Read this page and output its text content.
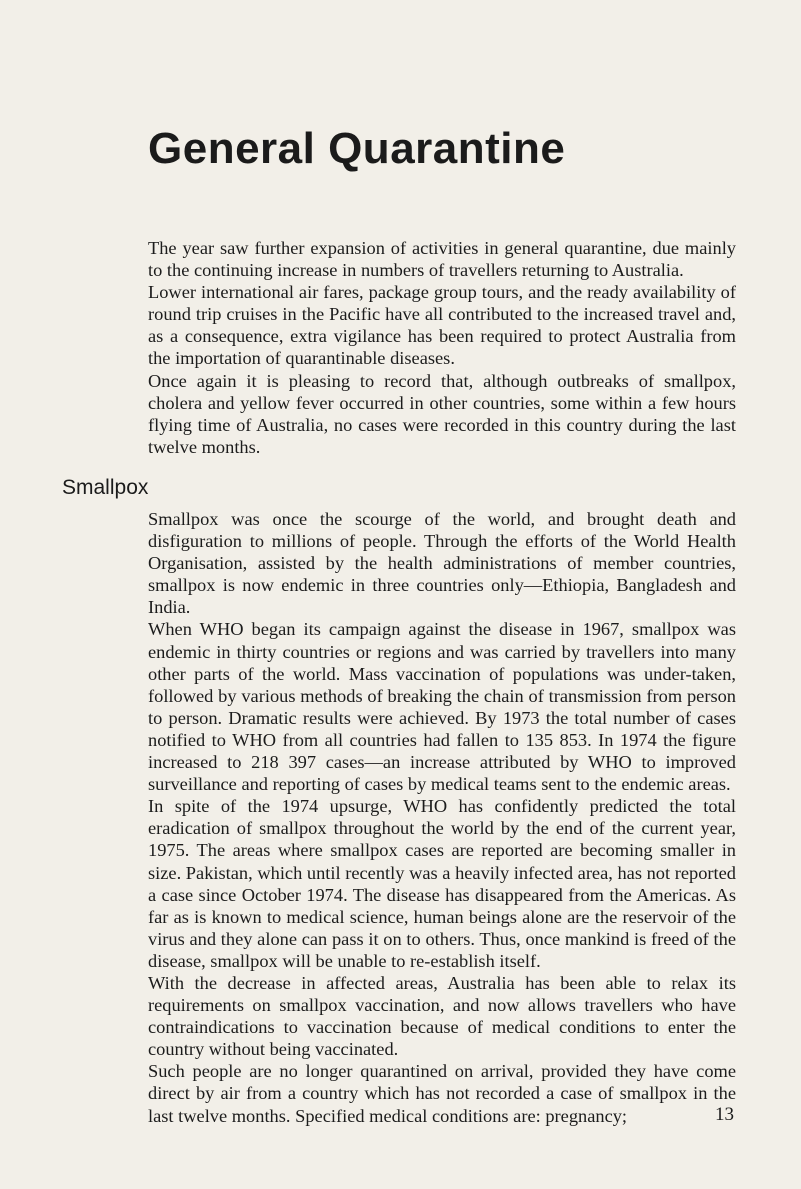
General Quarantine

The year saw further expansion of activities in general quarantine, due mainly to the continuing increase in numbers of travellers returning to Australia.

Lower international air fares, package group tours, and the ready availability of round trip cruises in the Pacific have all contributed to the increased travel and, as a consequence, extra vigilance has been required to protect Australia from the importation of quarantinable diseases.

Once again it is pleasing to record that, although outbreaks of smallpox, cholera and yellow fever occurred in other countries, some within a few hours flying time of Australia, no cases were recorded in this country during the last twelve months.

Smallpox

Smallpox was once the scourge of the world, and brought death and disfiguration to millions of people. Through the efforts of the World Health Organisation, assisted by the health administrations of member countries, smallpox is now endemic in three countries only—Ethiopia, Bangladesh and India.

When WHO began its campaign against the disease in 1967, smallpox was endemic in thirty countries or regions and was carried by travellers into many other parts of the world. Mass vaccination of populations was under-taken, followed by various methods of breaking the chain of transmission from person to person. Dramatic results were achieved. By 1973 the total number of cases notified to WHO from all countries had fallen to 135 853. In 1974 the figure increased to 218 397 cases—an increase attributed by WHO to improved surveillance and reporting of cases by medical teams sent to the endemic areas.

In spite of the 1974 upsurge, WHO has confidently predicted the total eradication of smallpox throughout the world by the end of the current year, 1975. The areas where smallpox cases are reported are becoming smaller in size. Pakistan, which until recently was a heavily infected area, has not reported a case since October 1974. The disease has disappeared from the Americas. As far as is known to medical science, human beings alone are the reservoir of the virus and they alone can pass it on to others. Thus, once mankind is freed of the disease, smallpox will be unable to re-establish itself.

With the decrease in affected areas, Australia has been able to relax its requirements on smallpox vaccination, and now allows travellers who have contraindications to vaccination because of medical conditions to enter the country without being vaccinated.

Such people are no longer quarantined on arrival, provided they have come direct by air from a country which has not recorded a case of smallpox in the last twelve months. Specified medical conditions are: pregnancy;	13
